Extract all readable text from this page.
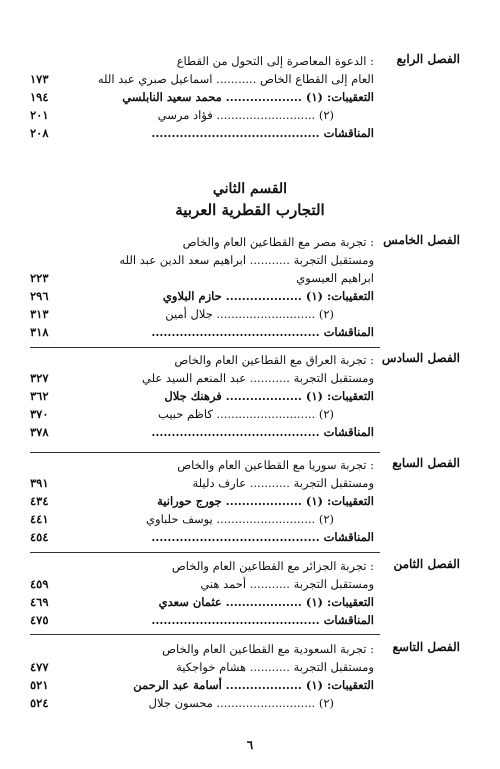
الفصل الرابع
: الدعوة المعاصرة إلى التحول من القطاع
العام إلى القطاع الخاص ........... اسماعيل صبري عبد الله
١٧٣
التعقيبات: (١) ................... محمد سعيد النابلسي
١٩٤
(٢) ........................... فؤاد مرسي
٢٠١
المناقشات ..........................................
٢٠٨
القسم الثاني
التجارب القطرية العربية
الفصل الخامس
: تجربة مصر مع القطاعين العام والخاص
ومستقبل التجربة ........... ابراهيم سعد الدين عبد الله
ابراهيم العيسوي
٢٢٣
التعقيبات: (١) ................... حازم البلاوي
٢٩٦
(٢) ........................... جلال أمين
٣١٣
المناقشات ..........................................
٣١٨
الفصل السادس
: تجربة العراق مع القطاعين العام والخاص
ومستقبل التجربة ........... عبد المنعم السيد علي
٣٢٧
التعقيبات: (١) ................... فرهنك جلال
٣٦٢
(٢) ........................... كاظم حبيب
٣٧٠
المناقشات ..........................................
٣٧٨
الفصل السابع
: تجربة سوريا مع القطاعين العام والخاص
ومستقبل التجربة ........... عارف دليلة
٣٩١
التعقيبات: (١) ................... جورج حورانية
٤٣٤
(٢) ........................... يوسف حلباوي
٤٤١
المناقشات ..........................................
٤٥٤
الفصل الثامن
: تجربة الجزائر مع القطاعين العام والخاص
ومستقبل التجربة ........... أحمد هني
٤٥٩
التعقيبات: (١) ................... عثمان سعدي
٤٦٩
المناقشات ..........................................
٤٧٥
الفصل التاسع
: تجربة السعودية مع القطاعين العام والخاص
ومستقبل التجربة ........... هشام خواجكية
٤٧٧
التعقيبات: (١) ................... أسامة عبد الرحمن
٥٢١
(٢) ........................... محسون جلال
٥٢٤
٦
